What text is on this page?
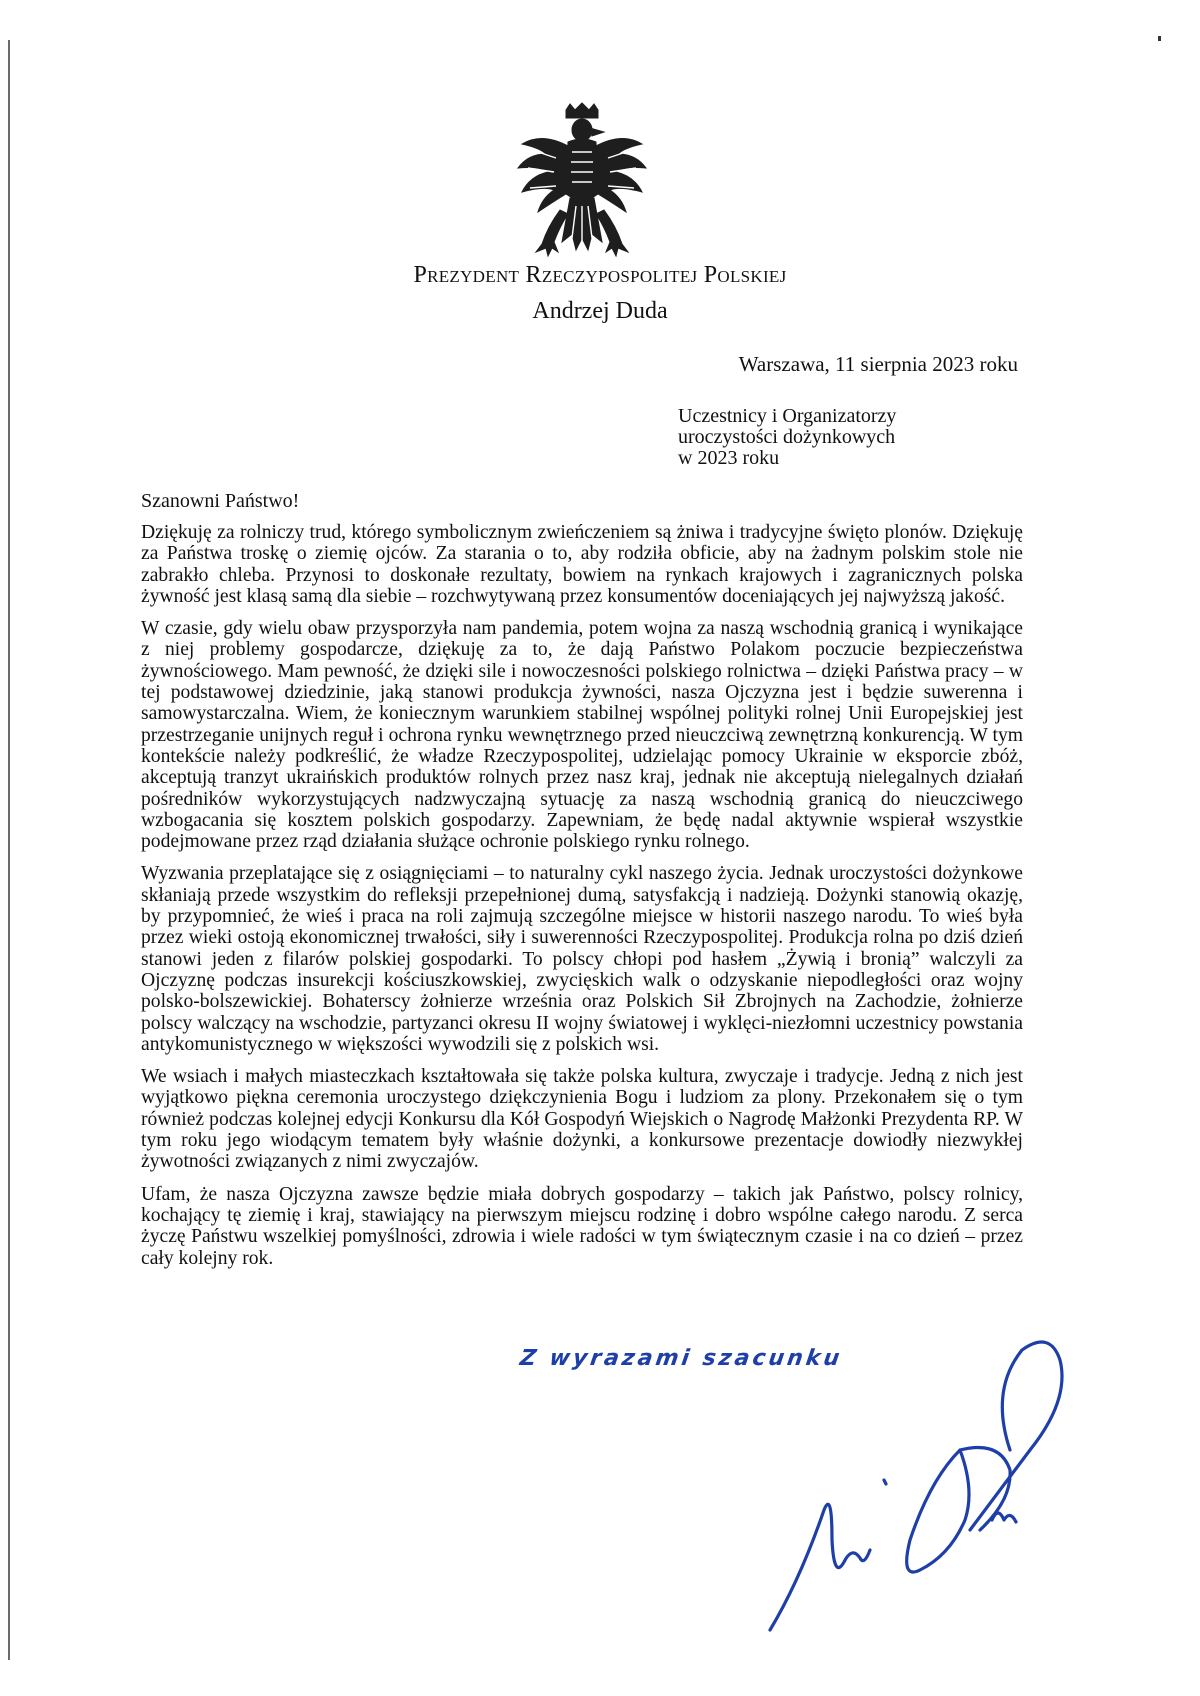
Prezydent Rzeczypospolitej Polskiej
Andrzej Duda
Warszawa, 11 sierpnia 2023 roku
Uczestnicy i Organizatorzy
uroczystości dożynkowych
w 2023 roku
Szanowni Państwo!

Dziękuję za rolniczy trud, którego symbolicznym zwieńczeniem są żniwa i tradycyjne święto plonów. Dziękuję za Państwa troskę o ziemię ojców. Za starania o to, aby rodziła obficie, aby na żadnym polskim stole nie zabrakło chleba. Przynosi to doskonałe rezultaty, bowiem na rynkach krajowych i zagranicznych polska żywność jest klasą samą dla siebie – rozchwytywaną przez konsumentów doceniających jej najwyższą jakość.

W czasie, gdy wielu obaw przysporzyła nam pandemia, potem wojna za naszą wschodnią granicą i wynikające z niej problemy gospodarcze, dziękuję za to, że dają Państwo Polakom poczucie bezpieczeństwa żywnościowego. Mam pewność, że dzięki sile i nowoczesności polskiego rolnictwa – dzięki Państwa pracy – w tej podstawowej dziedzinie, jaką stanowi produkcja żywności, nasza Ojczyzna jest i będzie suwerenna i samowystarczalna. Wiem, że koniecznym warunkiem stabilnej wspólnej polityki rolnej Unii Europejskiej jest przestrzeganie unijnych reguł i ochrona rynku wewnętrznego przed nieuczciwą zewnętrzną konkurencją. W tym kontekście należy podkreślić, że władze Rzeczypospolitej, udzielając pomocy Ukrainie w eksporcie zbóż, akceptują tranzyt ukraińskich produktów rolnych przez nasz kraj, jednak nie akceptują nielegalnych działań pośredników wykorzystujących nadzwyczajną sytuację za naszą wschodnią granicą do nieuczciwego wzbogacania się kosztem polskich gospodarzy. Zapewniam, że będę nadal aktywnie wspierał wszystkie podejmowane przez rząd działania służące ochronie polskiego rynku rolnego.

Wyzwania przeplatające się z osiągnięciami – to naturalny cykl naszego życia. Jednak uroczystości dożynkowe skłaniają przede wszystkim do refleksji przepełnionej dumą, satysfakcją i nadzieją. Dożynki stanowią okazję, by przypomnieć, że wieś i praca na roli zajmują szczególne miejsce w historii naszego narodu. To wieś była przez wieki ostoją ekonomicznej trwałości, siły i suwerenności Rzeczypospolitej. Produkcja rolna po dziś dzień stanowi jeden z filarów polskiej gospodarki. To polscy chłopi pod hasłem „Żywią i bronią” walczyli za Ojczyznę podczas insurekcji kościuszkowskiej, zwycięskich walk o odzyskanie niepodległości oraz wojny polsko-bolszewickiej. Bohaterscy żołnierze września oraz Polskich Sił Zbrojnych na Zachodzie, żołnierze polscy walczący na wschodzie, partyzanci okresu II wojny światowej i wyklęci-niezłomni uczestnicy powstania antykomunistycznego w większości wywodzili się z polskich wsi.

We wsiach i małych miasteczkach kształtowała się także polska kultura, zwyczaje i tradycje. Jedną z nich jest wyjątkowo piękna ceremonia uroczystego dziękczynienia Bogu i ludziom za plony. Przekonałem się o tym również podczas kolejnej edycji Konkursu dla Kół Gospodyń Wiejskich o Nagrodę Małżonki Prezydenta RP. W tym roku jego wiodącym tematem były właśnie dożynki, a konkursowe prezentacje dowiodły niezwykłej żywotności związanych z nimi zwyczajów.

Ufam, że nasza Ojczyzna zawsze będzie miała dobrych gospodarzy – takich jak Państwo, polscy rolnicy, kochający tę ziemię i kraj, stawiający na pierwszym miejscu rodzinę i dobro wspólne całego narodu. Z serca życzę Państwu wszelkiej pomyślności, zdrowia i wiele radości w tym świątecznym czasie i na co dzień – przez cały kolejny rok.

Z wyrazami szacunku
